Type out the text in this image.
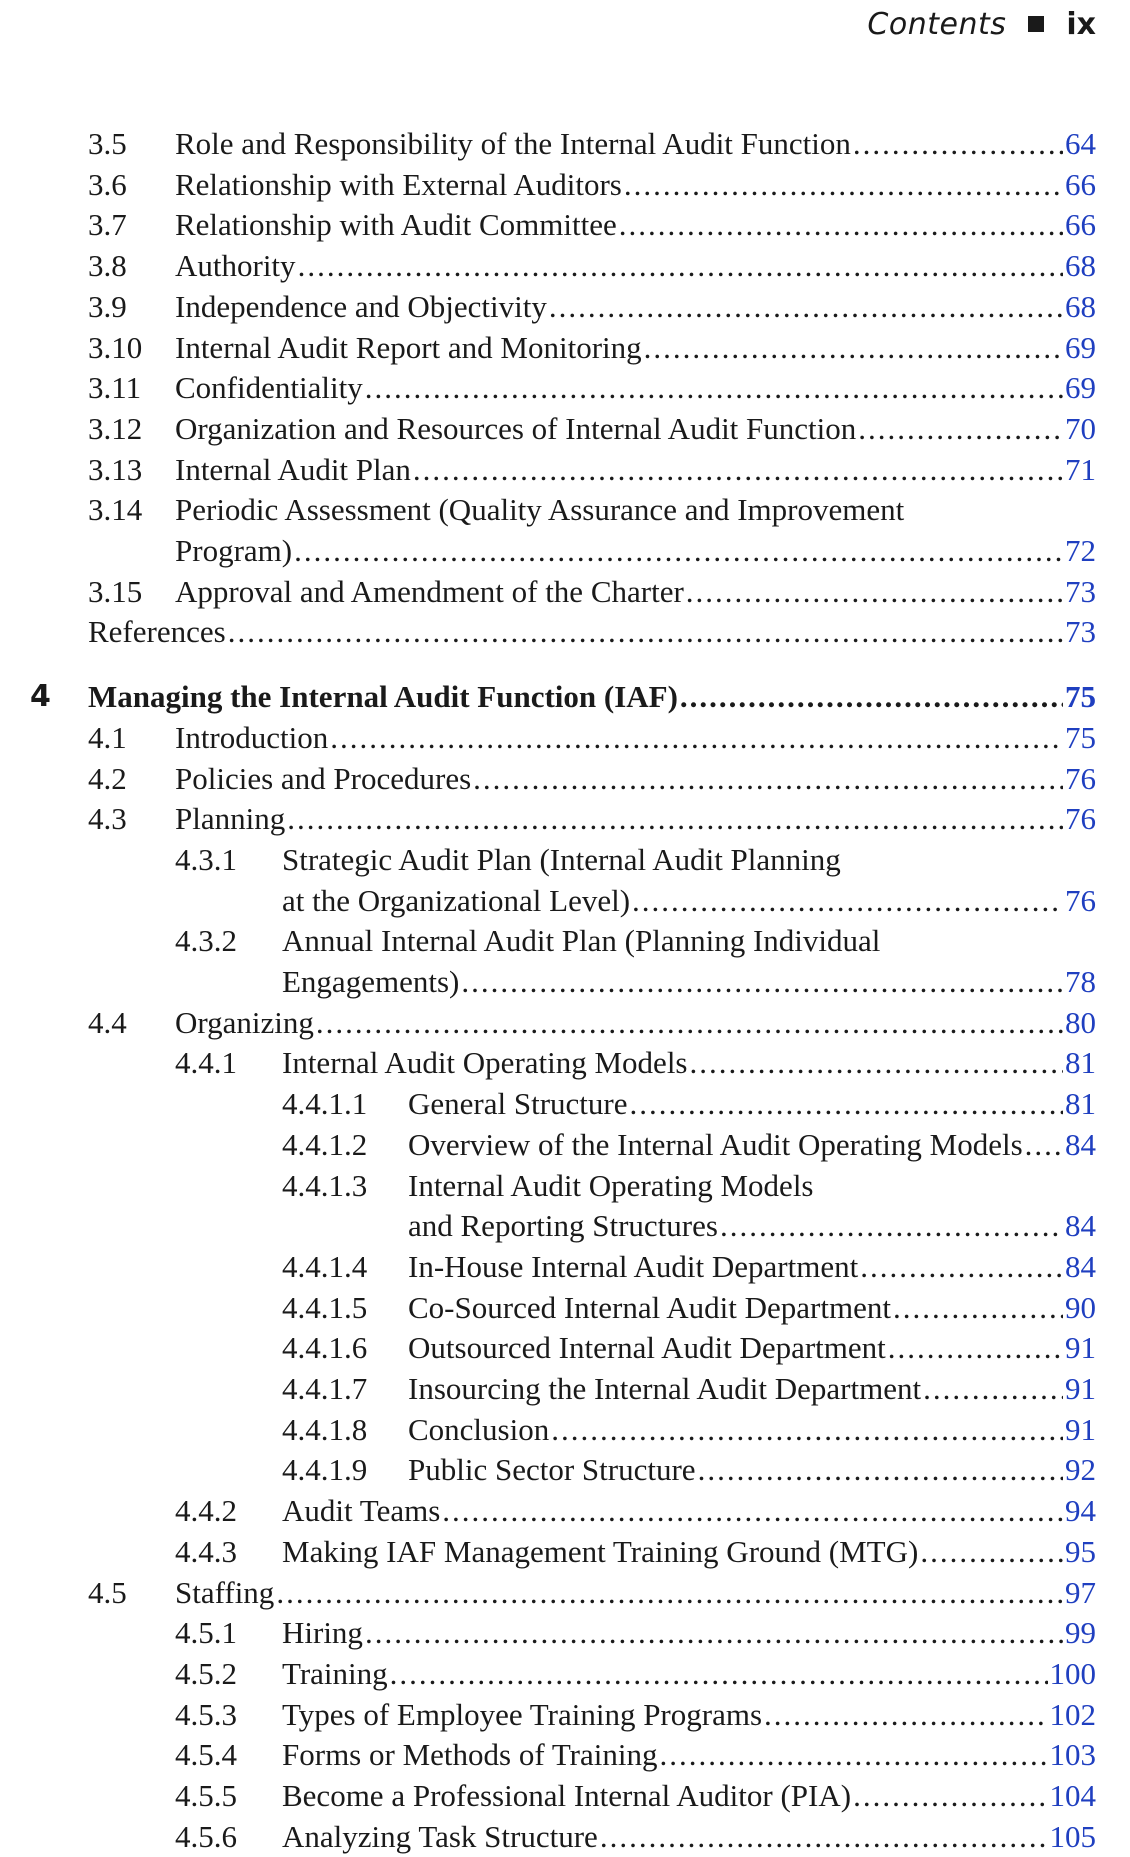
Contents ix
3.5 Role and Responsibility of the Internal Audit Function .....	64
3.6 Relationship with External Auditors .....	66
3.7 Relationship with Audit Committee .....	66
3.8 Authority .....	68
3.9 Independence and Objectivity .....	68
3.10 Internal Audit Report and Monitoring .....	69
3.11 Confidentiality .....	69
3.12 Organization and Resources of Internal Audit Function .....	70
3.13 Internal Audit Plan .....	71
3.14 Periodic Assessment (Quality Assurance and Improvement
Program) .....	72
3.15 Approval and Amendment of the Charter .....	73
References .....	73
4 Managing the Internal Audit Function (IAF) .....	75
4.1 Introduction .....	75
4.2 Policies and Procedures .....	76
4.3 Planning .....	76
4.3.1 Strategic Audit Plan (Internal Audit Planning
at the Organizational Level) .....	76
4.3.2 Annual Internal Audit Plan (Planning Individual
Engagements) .....	78
4.4 Organizing .....	80
4.4.1 Internal Audit Operating Models .....	81
4.4.1.1 General Structure .....	81
4.4.1.2 Overview of the Internal Audit Operating Models ..... 84
4.4.1.3 Internal Audit Operating Models
and Reporting Structures .....	84
4.4.1.4 In-House Internal Audit Department .....	84
4.4.1.5 Co-Sourced Internal Audit Department .....	90
4.4.1.6 Outsourced Internal Audit Department .....	91
4.4.1.7 Insourcing the Internal Audit Department .....	91
4.4.1.8 Conclusion .....	91
4.4.1.9 Public Sector Structure .....	92
4.4.2 Audit Teams .....	94
4.4.3 Making IAF Management Training Ground (MTG) .....	95
4.5 Staffing .....	97
4.5.1 Hiring .....	99
4.5.2 Training .....	100
4.5.3 Types of Employee Training Programs .....	102
4.5.4 Forms or Methods of Training .....	103
4.5.5 Become a Professional Internal Auditor (PIA) .....	104
4.5.6 Analyzing Task Structure .....	105
